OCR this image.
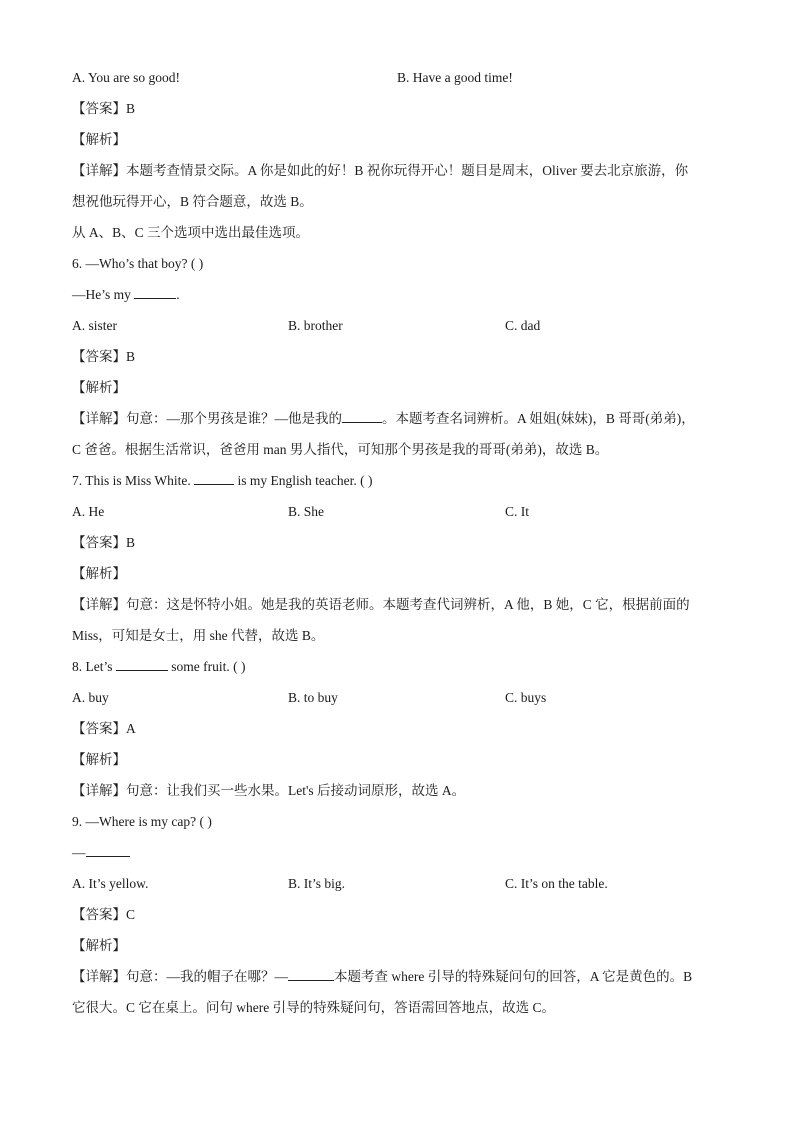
A. You are so good!	B. Have a good time!
【答案】B
【解析】
【详解】本题考查情景交际。A 你是如此的好！B 祝你玩得开心！题目是周末，Oliver 要去北京旅游，你
想祝他玩得开心，B 符合题意，故选 B。
从 A、B、C 三个选项中选出最佳选项。
6. —Who’s that boy? ( )
—He’s my	.
A. sister	B. brother	C. dad
【答案】B
【解析】
【详解】句意：—那个男孩是谁？—他是我的	。本题考查名词辨析。A 姐姐(妹妹)，B 哥哥(弟弟)，
C 爸爸。根据生活常识，爸爸用 man 男人指代，可知那个男孩是我的哥哥(弟弟)，故选 B。
7. This is Miss White.	is my English teacher. ( )
A. He	B. She	C. It
【答案】B
【解析】
【详解】句意：这是怀特小姐。她是我的英语老师。本题考查代词辨析，A 他，B 她，C 它，根据前面的
Miss，可知是女士，用 she 代替，故选 B。
8. Let’s	some fruit. ( )
A. buy	B. to buy	C. buys
【答案】A
【解析】
【详解】句意：让我们买一些水果。Let's 后接动词原形，故选 A。
9. —Where is my cap? ( )
—
A. It’s yellow.	B. It’s big.	C. It’s on the table.
【答案】C
【解析】
【详解】句意：—我的帽子在哪？—	本题考查 where 引导的特殊疑问句的回答，A 它是黄色的。B
它很大。C 它在桌上。问句 where 引导的特殊疑问句，答语需回答地点，故选 C。
